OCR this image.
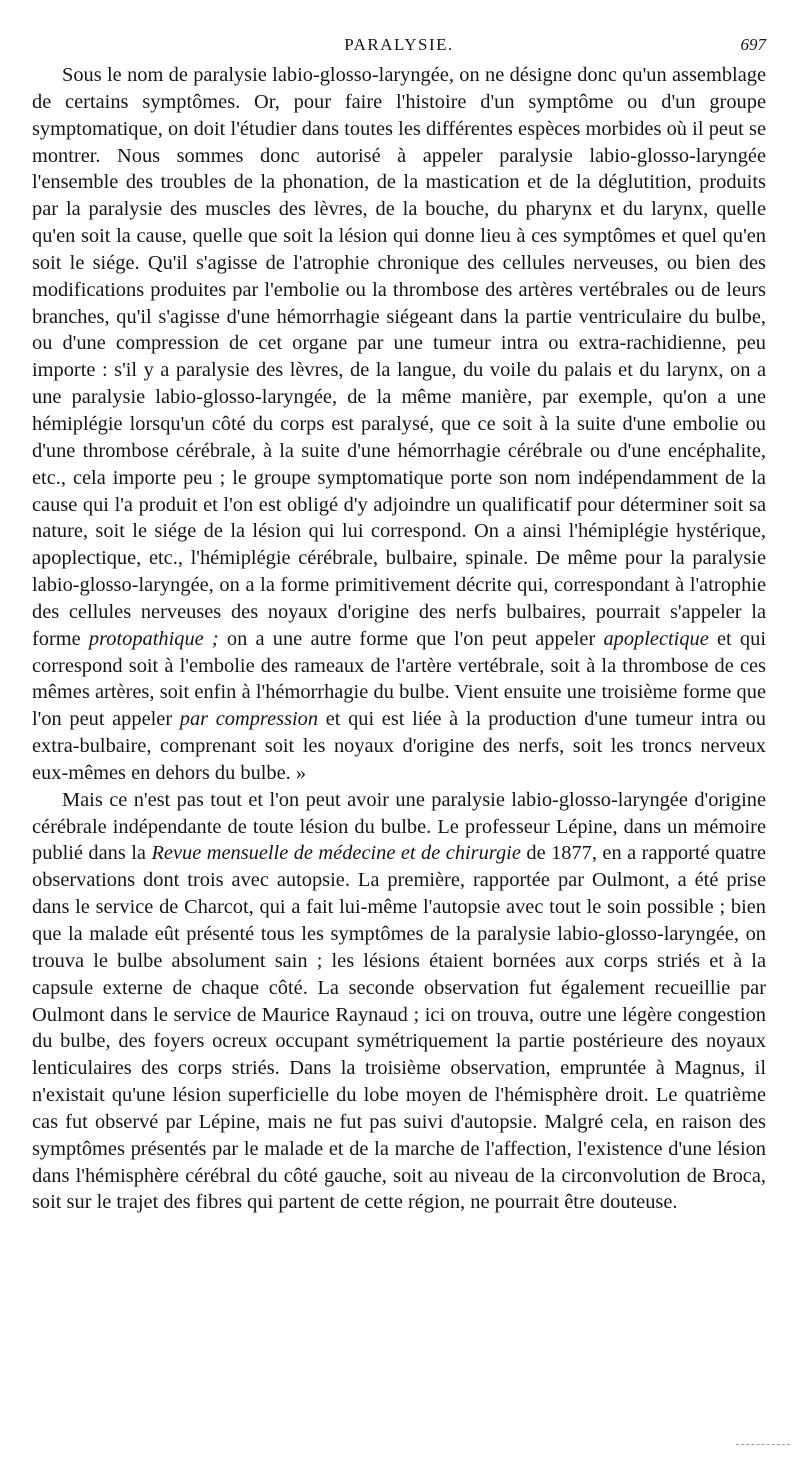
PARALYSIE.	697

Sous le nom de paralysie labio-glosso-laryngée, on ne désigne donc qu'un assemblage de certains symptômes. Or, pour faire l'histoire d'un symptôme ou d'un groupe symptomatique, on doit l'étudier dans toutes les différentes espèces morbides où il peut se montrer. Nous sommes donc autorisé à appeler paralysie labio-glosso-laryngée l'ensemble des troubles de la phonation, de la mastication et de la déglutition, produits par la paralysie des muscles des lèvres, de la bouche, du pharynx et du larynx, quelle qu'en soit la cause, quelle que soit la lésion qui donne lieu à ces symptômes et quel qu'en soit le siége. Qu'il s'agisse de l'atrophie chronique des cellules nerveuses, ou bien des modifications produites par l'embolie ou la thrombose des artères vertébrales ou de leurs branches, qu'il s'agisse d'une hémorrhagie siégeant dans la partie ventriculaire du bulbe, ou d'une compression de cet organe par une tumeur intra ou extra-rachidienne, peu importe : s'il y a paralysie des lèvres, de la langue, du voile du palais et du larynx, on a une paralysie labio-glosso-laryngée, de la même manière, par exemple, qu'on a une hémiplégie lorsqu'un côté du corps est paralysé, que ce soit à la suite d'une embolie ou d'une thrombose cérébrale, à la suite d'une hémorrhagie cérébrale ou d'une encéphalite, etc., cela importe peu ; le groupe symptomatique porte son nom indépendamment de la cause qui l'a produit et l'on est obligé d'y adjoindre un qualificatif pour déterminer soit sa nature, soit le siége de la lésion qui lui correspond. On a ainsi l'hémiplégie hystérique, apoplectique, etc., l'hémiplégie cérébrale, bulbaire, spinale. De même pour la paralysie labio-glosso-laryngée, on a la forme primitivement décrite qui, correspondant à l'atrophie des cellules nerveuses des noyaux d'origine des nerfs bulbaires, pourrait s'appeler la forme protopathique ; on a une autre forme que l'on peut appeler apoplectique et qui correspond soit à l'embolie des rameaux de l'artère vertébrale, soit à la thrombose de ces mêmes artères, soit enfin à l'hémorrhagie du bulbe. Vient ensuite une troisième forme que l'on peut appeler par compression et qui est liée à la production d'une tumeur intra ou extra-bulbaire, comprenant soit les noyaux d'origine des nerfs, soit les troncs nerveux eux-mêmes en dehors du bulbe. »

Mais ce n'est pas tout et l'on peut avoir une paralysie labio-glosso-laryngée d'origine cérébrale indépendante de toute lésion du bulbe. Le professeur Lépine, dans un mémoire publié dans la Revue mensuelle de médecine et de chirurgie de 1877, en a rapporté quatre observations dont trois avec autopsie. La première, rapportée par Oulmont, a été prise dans le service de Charcot, qui a fait lui-même l'autopsie avec tout le soin possible ; bien que la malade eût présenté tous les symptômes de la paralysie labio-glosso-laryngée, on trouva le bulbe absolument sain ; les lésions étaient bornées aux corps striés et à la capsule externe de chaque côté. La seconde observation fut également recueillie par Oulmont dans le service de Maurice Raynaud ; ici on trouva, outre une légère congestion du bulbe, des foyers ocreux occupant symétriquement la partie postérieure des noyaux lenticulaires des corps striés. Dans la troisième observation, empruntée à Magnus, il n'existait qu'une lésion superficielle du lobe moyen de l'hémisphère droit. Le quatrième cas fut observé par Lépine, mais ne fut pas suivi d'autopsie. Malgré cela, en raison des symptômes présentés par le malade et de la marche de l'affection, l'existence d'une lésion dans l'hémisphère cérébral du côté gauche, soit au niveau de la circonvolution de Broca, soit sur le trajet des fibres qui partent de cette région, ne pourrait être douteuse.
